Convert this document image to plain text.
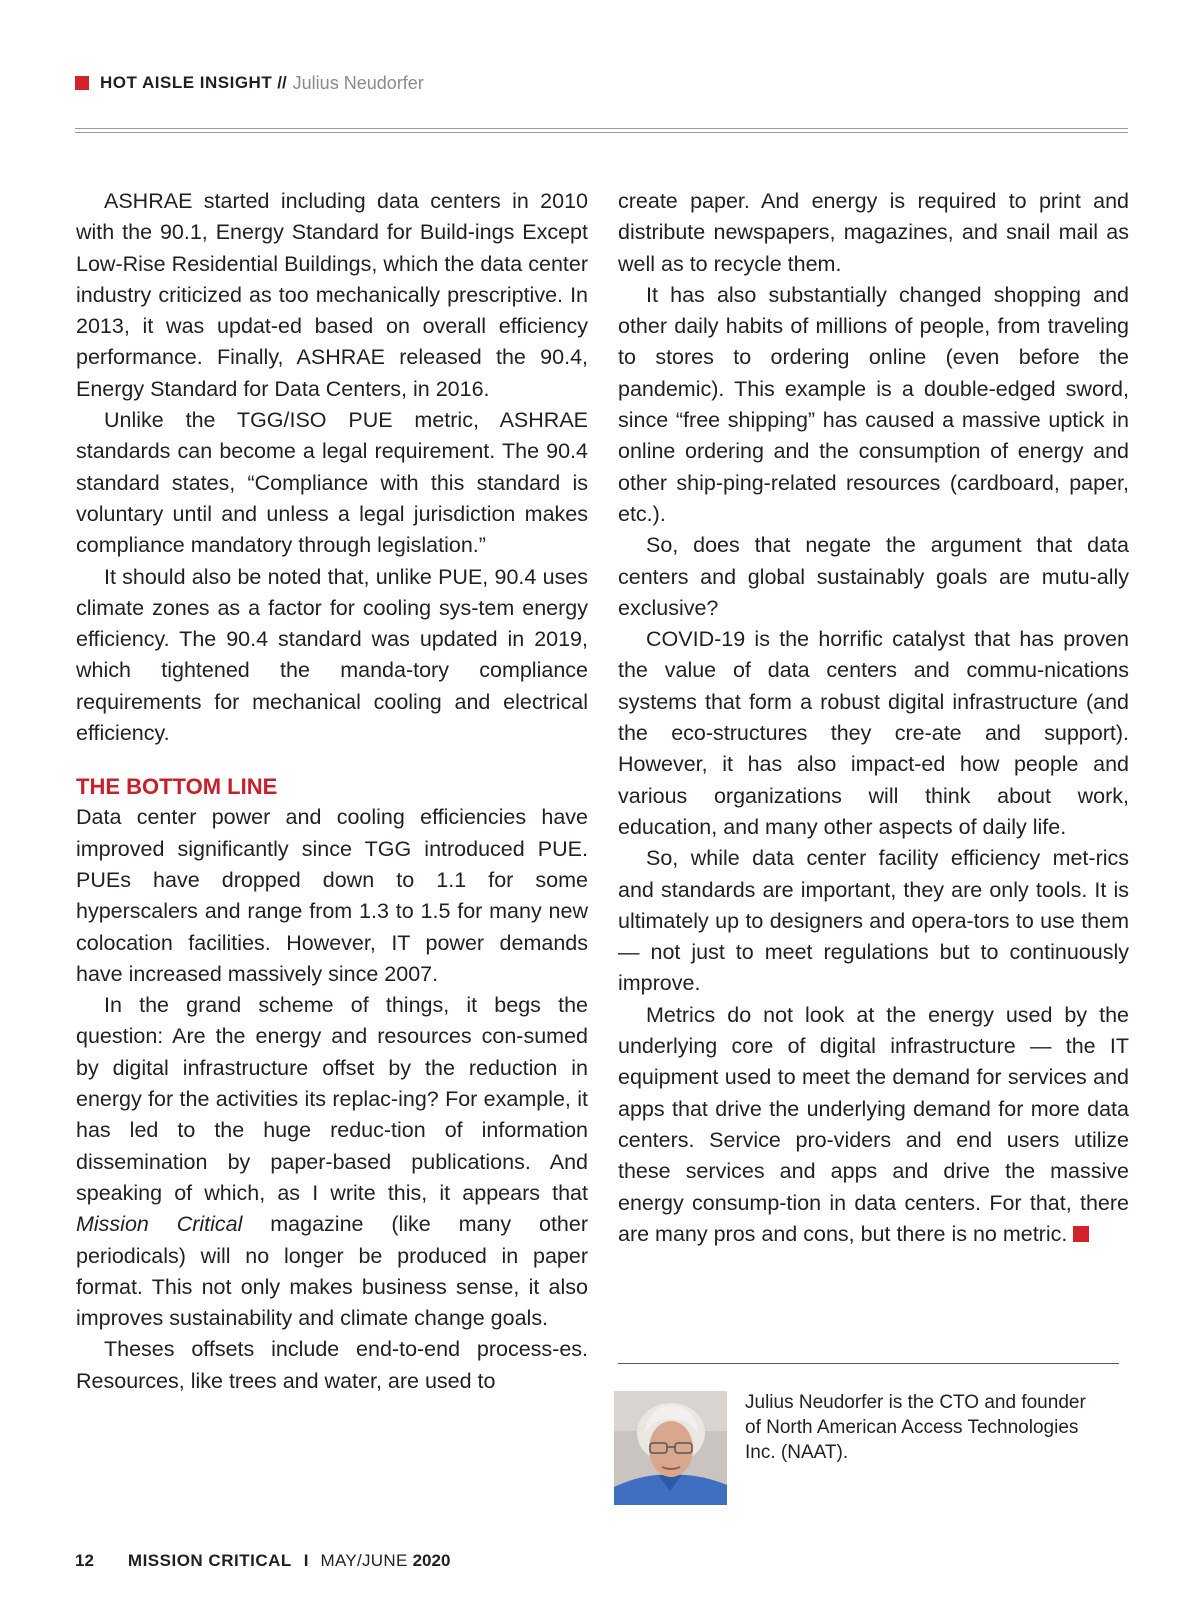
HOT AISLE INSIGHT // Julius Neudorfer

ASHRAE started including data centers in 2010 with the 90.1, Energy Standard for Build-ings Except Low-Rise Residential Buildings, which the data center industry criticized as too mechanically prescriptive. In 2013, it was updat-ed based on overall efficiency performance. Finally, ASHRAE released the 90.4, Energy Standard for Data Centers, in 2016.

Unlike the TGG/ISO PUE metric, ASHRAE standards can become a legal requirement. The 90.4 standard states, “Compliance with this standard is voluntary until and unless a legal jurisdiction makes compliance mandatory through legislation.”

It should also be noted that, unlike PUE, 90.4 uses climate zones as a factor for cooling sys-tem energy efficiency. The 90.4 standard was updated in 2019, which tightened the manda-tory compliance requirements for mechanical cooling and electrical efficiency.

THE BOTTOM LINE

Data center power and cooling efficiencies have improved significantly since TGG introduced PUE. PUEs have dropped down to 1.1 for some hyperscalers and range from 1.3 to 1.5 for many new colocation facilities. However, IT power demands have increased massively since 2007.

In the grand scheme of things, it begs the question: Are the energy and resources con-sumed by digital infrastructure offset by the reduction in energy for the activities its replac-ing? For example, it has led to the huge reduc-tion of information dissemination by paper-based publications. And speaking of which, as I write this, it appears that Mission Critical magazine (like many other periodicals) will no longer be produced in paper format. This not only makes business sense, it also improves sustainability and climate change goals.

Theses offsets include end-to-end process-es. Resources, like trees and water, are used to

create paper. And energy is required to print and distribute newspapers, magazines, and snail mail as well as to recycle them.

It has also substantially changed shopping and other daily habits of millions of people, from traveling to stores to ordering online (even before the pandemic). This example is a double-edged sword, since “free shipping” has caused a massive uptick in online ordering and the consumption of energy and other ship-ping-related resources (cardboard, paper, etc.).

So, does that negate the argument that data centers and global sustainably goals are mutu-ally exclusive?

COVID-19 is the horrific catalyst that has proven the value of data centers and commu-nications systems that form a robust digital infrastructure (and the eco-structures they cre-ate and support). However, it has also impact-ed how people and various organizations will think about work, education, and many other aspects of daily life.

So, while data center facility efficiency met-rics and standards are important, they are only tools. It is ultimately up to designers and opera-tors to use them — not just to meet regulations but to continuously improve.

Metrics do not look at the energy used by the underlying core of digital infrastructure — the IT equipment used to meet the demand for services and apps that drive the underlying demand for more data centers. Service pro-viders and end users utilize these services and apps and drive the massive energy consump-tion in data centers. For that, there are many pros and cons, but there is no metric.

Julius Neudorfer is the CTO and founder of North American Access Technologies Inc. (NAAT).
12 MISSION CRITICAL I MAY/JUNE 2020
